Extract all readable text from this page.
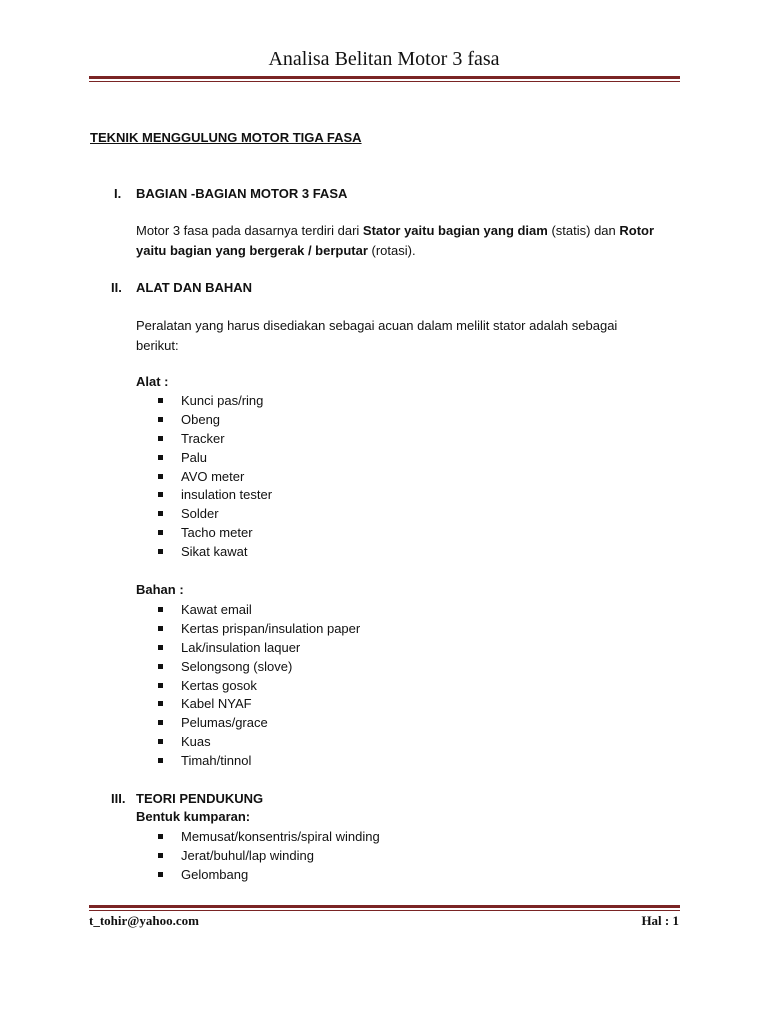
Analisa Belitan Motor 3 fasa
TEKNIK MENGGULUNG MOTOR TIGA FASA
I. BAGIAN -BAGIAN MOTOR 3 FASA
Motor 3 fasa pada dasarnya terdiri dari Stator yaitu bagian yang diam (statis) dan Rotor yaitu bagian yang bergerak / berputar (rotasi).
II. ALAT DAN BAHAN
Peralatan yang harus disediakan sebagai acuan dalam melilit stator adalah sebagai berikut:
Alat :
Kunci pas/ring
Obeng
Tracker
Palu
AVO meter
insulation tester
Solder
Tacho meter
Sikat kawat
Bahan :
Kawat email
Kertas prispan/insulation paper
Lak/insulation laquer
Selongsong (slove)
Kertas gosok
Kabel NYAF
Pelumas/grace
Kuas
Timah/tinnol
III. TEORI PENDUKUNG
Bentuk kumparan:
Memusat/konsentris/spiral winding
Jerat/buhul/lap winding
Gelombang
t_tohir@yahoo.com	Hal : 1
